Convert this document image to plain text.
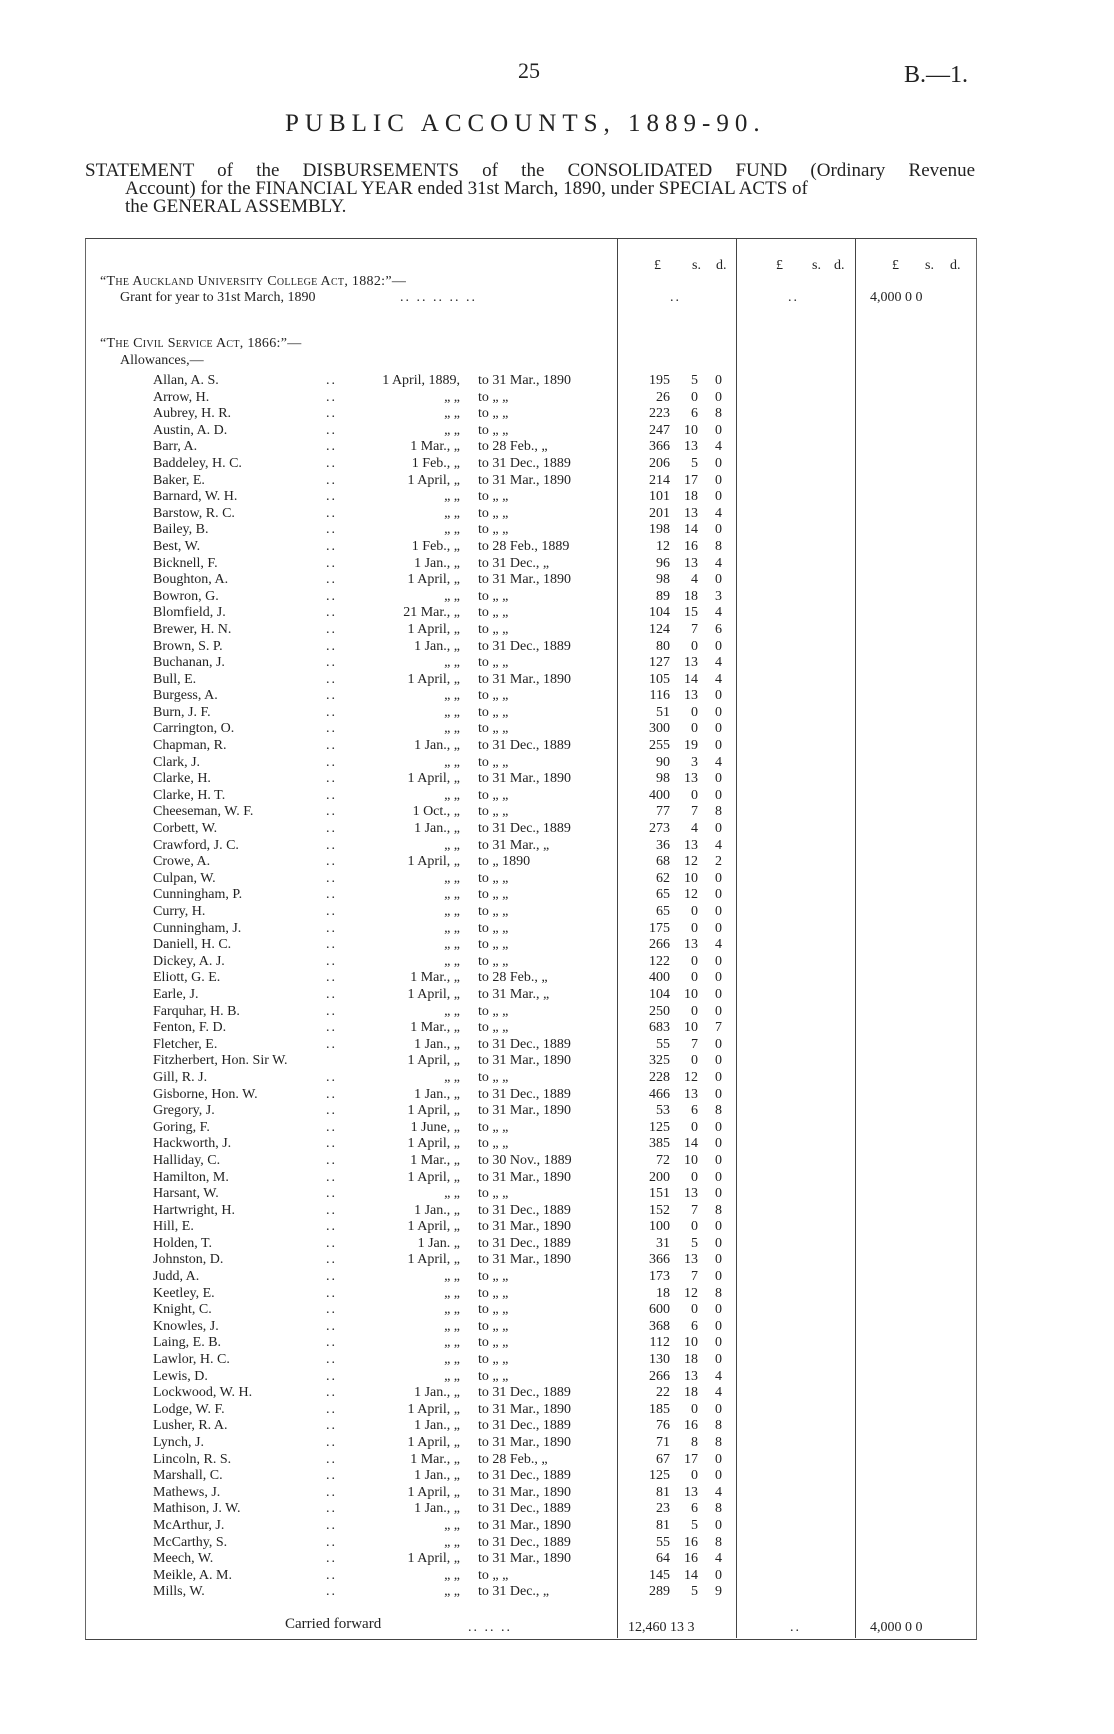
25	B.—1.
PUBLIC ACCOUNTS, 1889-90.
STATEMENT of the DISBURSEMENTS of the CONSOLIDATED FUND (Ordinary Revenue
Account) for the FINANCIAL YEAR ended 31st March, 1890, under SPECIAL ACTS of
the GENERAL ASSEMBLY.
£ s. d.	£ s. d.	£ s. d.
“The Auckland University College Act, 1882:”—
Grant for year to 31st March, 1890	.. .. .. .. ..	..	..	4,000 0 0
“The Civil Service Act, 1866:”—
Allowances,—
Allan, A. S.	..	1 April, 1889, to 31 Mar., 1890	195	5	0
Arrow, H.	..	„ „ to „ „	26	0	0
Aubrey, H. R.	..	„ „ to „ „	223	6	8
Austin, A. D.	..	„ „ to „ „	247	10	0
Barr, A.	..	1 Mar., „ to 28 Feb., „	366	13	4
Baddeley, H. C.	..	1 Feb., „ to 31 Dec., 1889	206	5	0
Baker, E.	..	1 April, „ to 31 Mar., 1890	214	17	0
Barnard, W. H.	..	„ „ to „ „	101	18	0
Barstow, R. C.	..	„ „ to „ „	201	13	4
Bailey, B.	..	„ „ to „ „	198	14	0
Best, W.	..	1 Feb., „ to 28 Feb., 1889	12	16	8
Bicknell, F.	..	1 Jan., „ to 31 Dec., „	96	13	4
Boughton, A.	..	1 April, „ to 31 Mar., 1890	98	4	0
Bowron, G.	..	„ „ to „ „	89	18	3
Blomfield, J.	..	21 Mar., „ to „ „	104	15	4
Brewer, H. N.	..	1 April, „ to „ „	124	7	6
Brown, S. P.	..	1 Jan., „ to 31 Dec., 1889	80	0	0
Buchanan, J.	..	„ „ to „ „	127	13	4
Bull, E.	..	1 April, „ to 31 Mar., 1890	105	14	4
Burgess, A.	..	„ „ to „ „	116	13	0
Burn, J. F.	..	„ „ to „ „	51	0	0
Carrington, O.	..	„ „ to „ „	300	0	0
Chapman, R.	..	1 Jan., „ to 31 Dec., 1889	255	19	0
Clark, J.	..	„ „ to „ „	90	3	4
Clarke, H.	..	1 April, „ to 31 Mar., 1890	98	13	0
Clarke, H. T.	..	„ „ to „ „	400	0	0
Cheeseman, W. F.	..	1 Oct., „ to „ „	77	7	8
Corbett, W.	..	1 Jan., „ to 31 Dec., 1889	273	4	0
Crawford, J. C.	..	„ „ to 31 Mar., „	36	13	4
Crowe, A.	..	1 April, „ to „ 1890	68	12	2
Culpan, W.	..	„ „ to „ „	62	10	0
Cunningham, P.	..	„ „ to „ „	65	12	0
Curry, H.	..	„ „ to „ „	65	0	0
Cunningham, J.	..	„ „ to „ „	175	0	0
Daniell, H. C.	..	„ „ to „ „	266	13	4
Dickey, A. J.	..	„ „ to „ „	122	0	0
Eliott, G. E.	..	1 Mar., „ to 28 Feb., „	400	0	0
Earle, J.	..	1 April, „ to 31 Mar., „	104	10	0
Farquhar, H. B.	..	„ „ to „ „	250	0	0
Fenton, F. D.	..	1 Mar., „ to „ „	683	10	7
Fletcher, E.	..	1 Jan., „ to 31 Dec., 1889	55	7	0
Fitzherbert, Hon. Sir W.	1 April, „ to 31 Mar., 1890	325	0	0
Gill, R. J.	..	„ „ to „ „	228	12	0
Gisborne, Hon. W.	..	1 Jan., „ to 31 Dec., 1889	466	13	0
Gregory, J.	..	1 April, „ to 31 Mar., 1890	53	6	8
Goring, F.	..	1 June, „ to „ „	125	0	0
Hackworth, J.	..	1 April, „ to „ „	385	14	0
Halliday, C.	..	1 Mar., „ to 30 Nov., 1889	72	10	0
Hamilton, M.	..	1 April, „ to 31 Mar., 1890	200	0	0
Harsant, W.	..	„ „ to „ „	151	13	0
Hartwright, H.	..	1 Jan., „ to 31 Dec., 1889	152	7	8
Hill, E.	..	1 April, „ to 31 Mar., 1890	100	0	0
Holden, T.	..	1 Jan. „ to 31 Dec., 1889	31	5	0
Johnston, D.	..	1 April, „ to 31 Mar., 1890	366	13	0
Judd, A.	..	„ „ to „ „	173	7	0
Keetley, E.	..	„ „ to „ „	18	12	8
Knight, C.	..	„ „ to „ „	600	0	0
Knowles, J.	..	„ „ to „ „	368	6	0
Laing, E. B.	..	„ „ to „ „	112	10	0
Lawlor, H. C.	..	„ „ to „ „	130	18	0
Lewis, D.	..	„ „ to „ „	266	13	4
Lockwood, W. H.	..	1 Jan., „ to 31 Dec., 1889	22	18	4
Lodge, W. F.	..	1 April, „ to 31 Mar., 1890	185	0	0
Lusher, R. A.	..	1 Jan., „ to 31 Dec., 1889	76	16	8
Lynch, J.	..	1 April, „ to 31 Mar., 1890	71	8	8
Lincoln, R. S.	..	1 Mar., „ to 28 Feb., „	67	17	0
Marshall, C.	..	1 Jan., „ to 31 Dec., 1889	125	0	0
Mathews, J.	..	1 April, „ to 31 Mar., 1890	81	13	4
Mathison, J. W.	..	1 Jan., „ to 31 Dec., 1889	23	6	8
McArthur, J.	..	„ „ to 31 Mar., 1890	81	5	0
McCarthy, S.	..	„ „ to 31 Dec., 1889	55	16	8
Meech, W.	..	1 April, „ to 31 Mar., 1890	64	16	4
Meikle, A. M.	..	„ „ to „ „	145	14	0
Mills, W.	..	„ „ to 31 Dec., „	289	5	9
Carried forward	.. .. ..	12,460 13 3	..	4,000 0 0
